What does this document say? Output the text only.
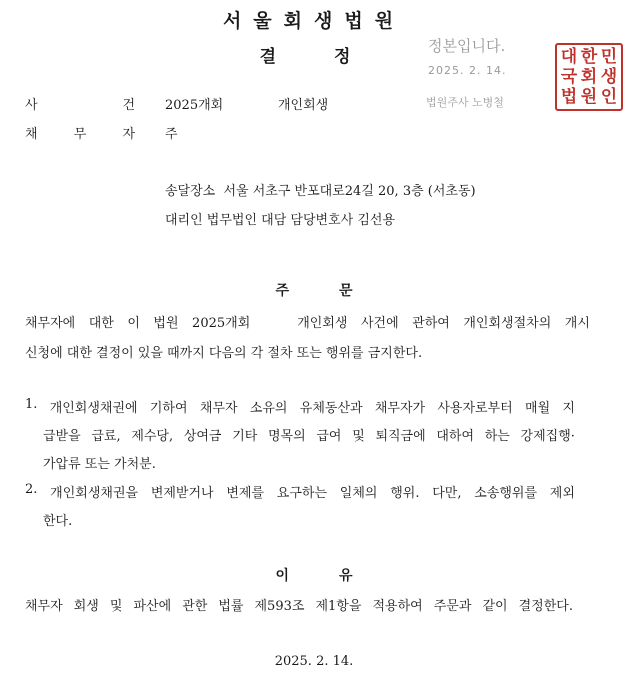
서울회생법원
결정
정본입니다.
2025. 2. 14.
법원주사 노병철
대 한 민
국 회 생
법 원 인
사	건 2025개회	개인회생
채	무	자 주
송달장소  서울 서초구 반포대로24길 20, 3층 (서초동)
대리인 법무법인 대담 담당변호사 김선용
주문
채무자에 대한 이 법원 2025개회	개인회생 사건에 관하여 개인회생절차의 개시
신청에 대한 결정이 있을 때까지 다음의 각 절차 또는 행위를 금지한다.
1. 개인회생채권에 기하여 채무자 소유의 유체동산과 채무자가 사용자로부터 매월 지
급받을 급료, 제수당, 상여금 기타 명목의 급여 및 퇴직금에 대하여 하는 강제집행·
가압류 또는 가처분.
2. 개인회생채권을 변제받거나 변제를 요구하는 일체의 행위. 다만, 소송행위를 제외
한다.
이유
채무자 회생 및 파산에 관한 법률 제593조 제1항을 적용하여 주문과 같이 결정한다.
2025. 2. 14.
